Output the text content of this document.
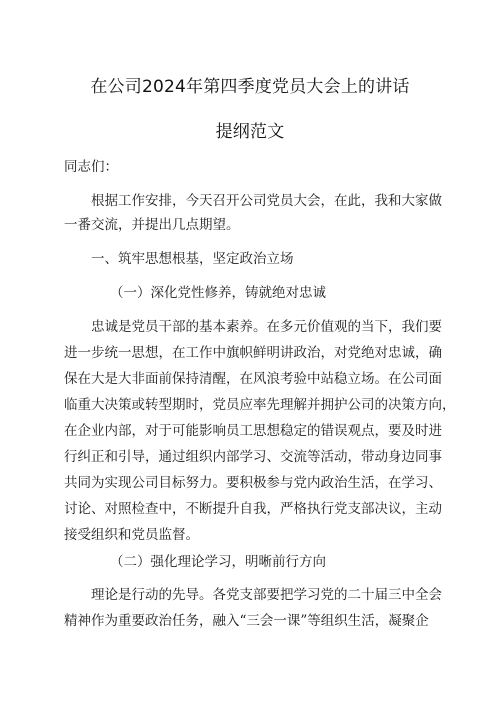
在公司2024年第四季度党员大会上的讲话
提纲范文
同志们：
根据工作安排，今天召开公司党员大会，在此，我和大家做
一番交流，并提出几点期望。
一、筑牢思想根基，坚定政治立场
（一）深化党性修养，铸就绝对忠诚
忠诚是党员干部的基本素养。在多元价值观的当下，我们要
进一步统一思想，在工作中旗帜鲜明讲政治，对党绝对忠诚，确
保在大是大非面前保持清醒，在风浪考验中站稳立场。在公司面
临重大决策或转型期时，党员应率先理解并拥护公司的决策方向，
在企业内部，对于可能影响员工思想稳定的错误观点，要及时进
行纠正和引导，通过组织内部学习、交流等活动，带动身边同事
共同为实现公司目标努力。要积极参与党内政治生活，在学习、
讨论、对照检查中，不断提升自我，严格执行党支部决议，主动
接受组织和党员监督。
（二）强化理论学习，明晰前行方向
理论是行动的先导。各党支部要把学习党的二十届三中全会
精神作为重要政治任务，融入“三会一课”等组织生活，凝聚企
